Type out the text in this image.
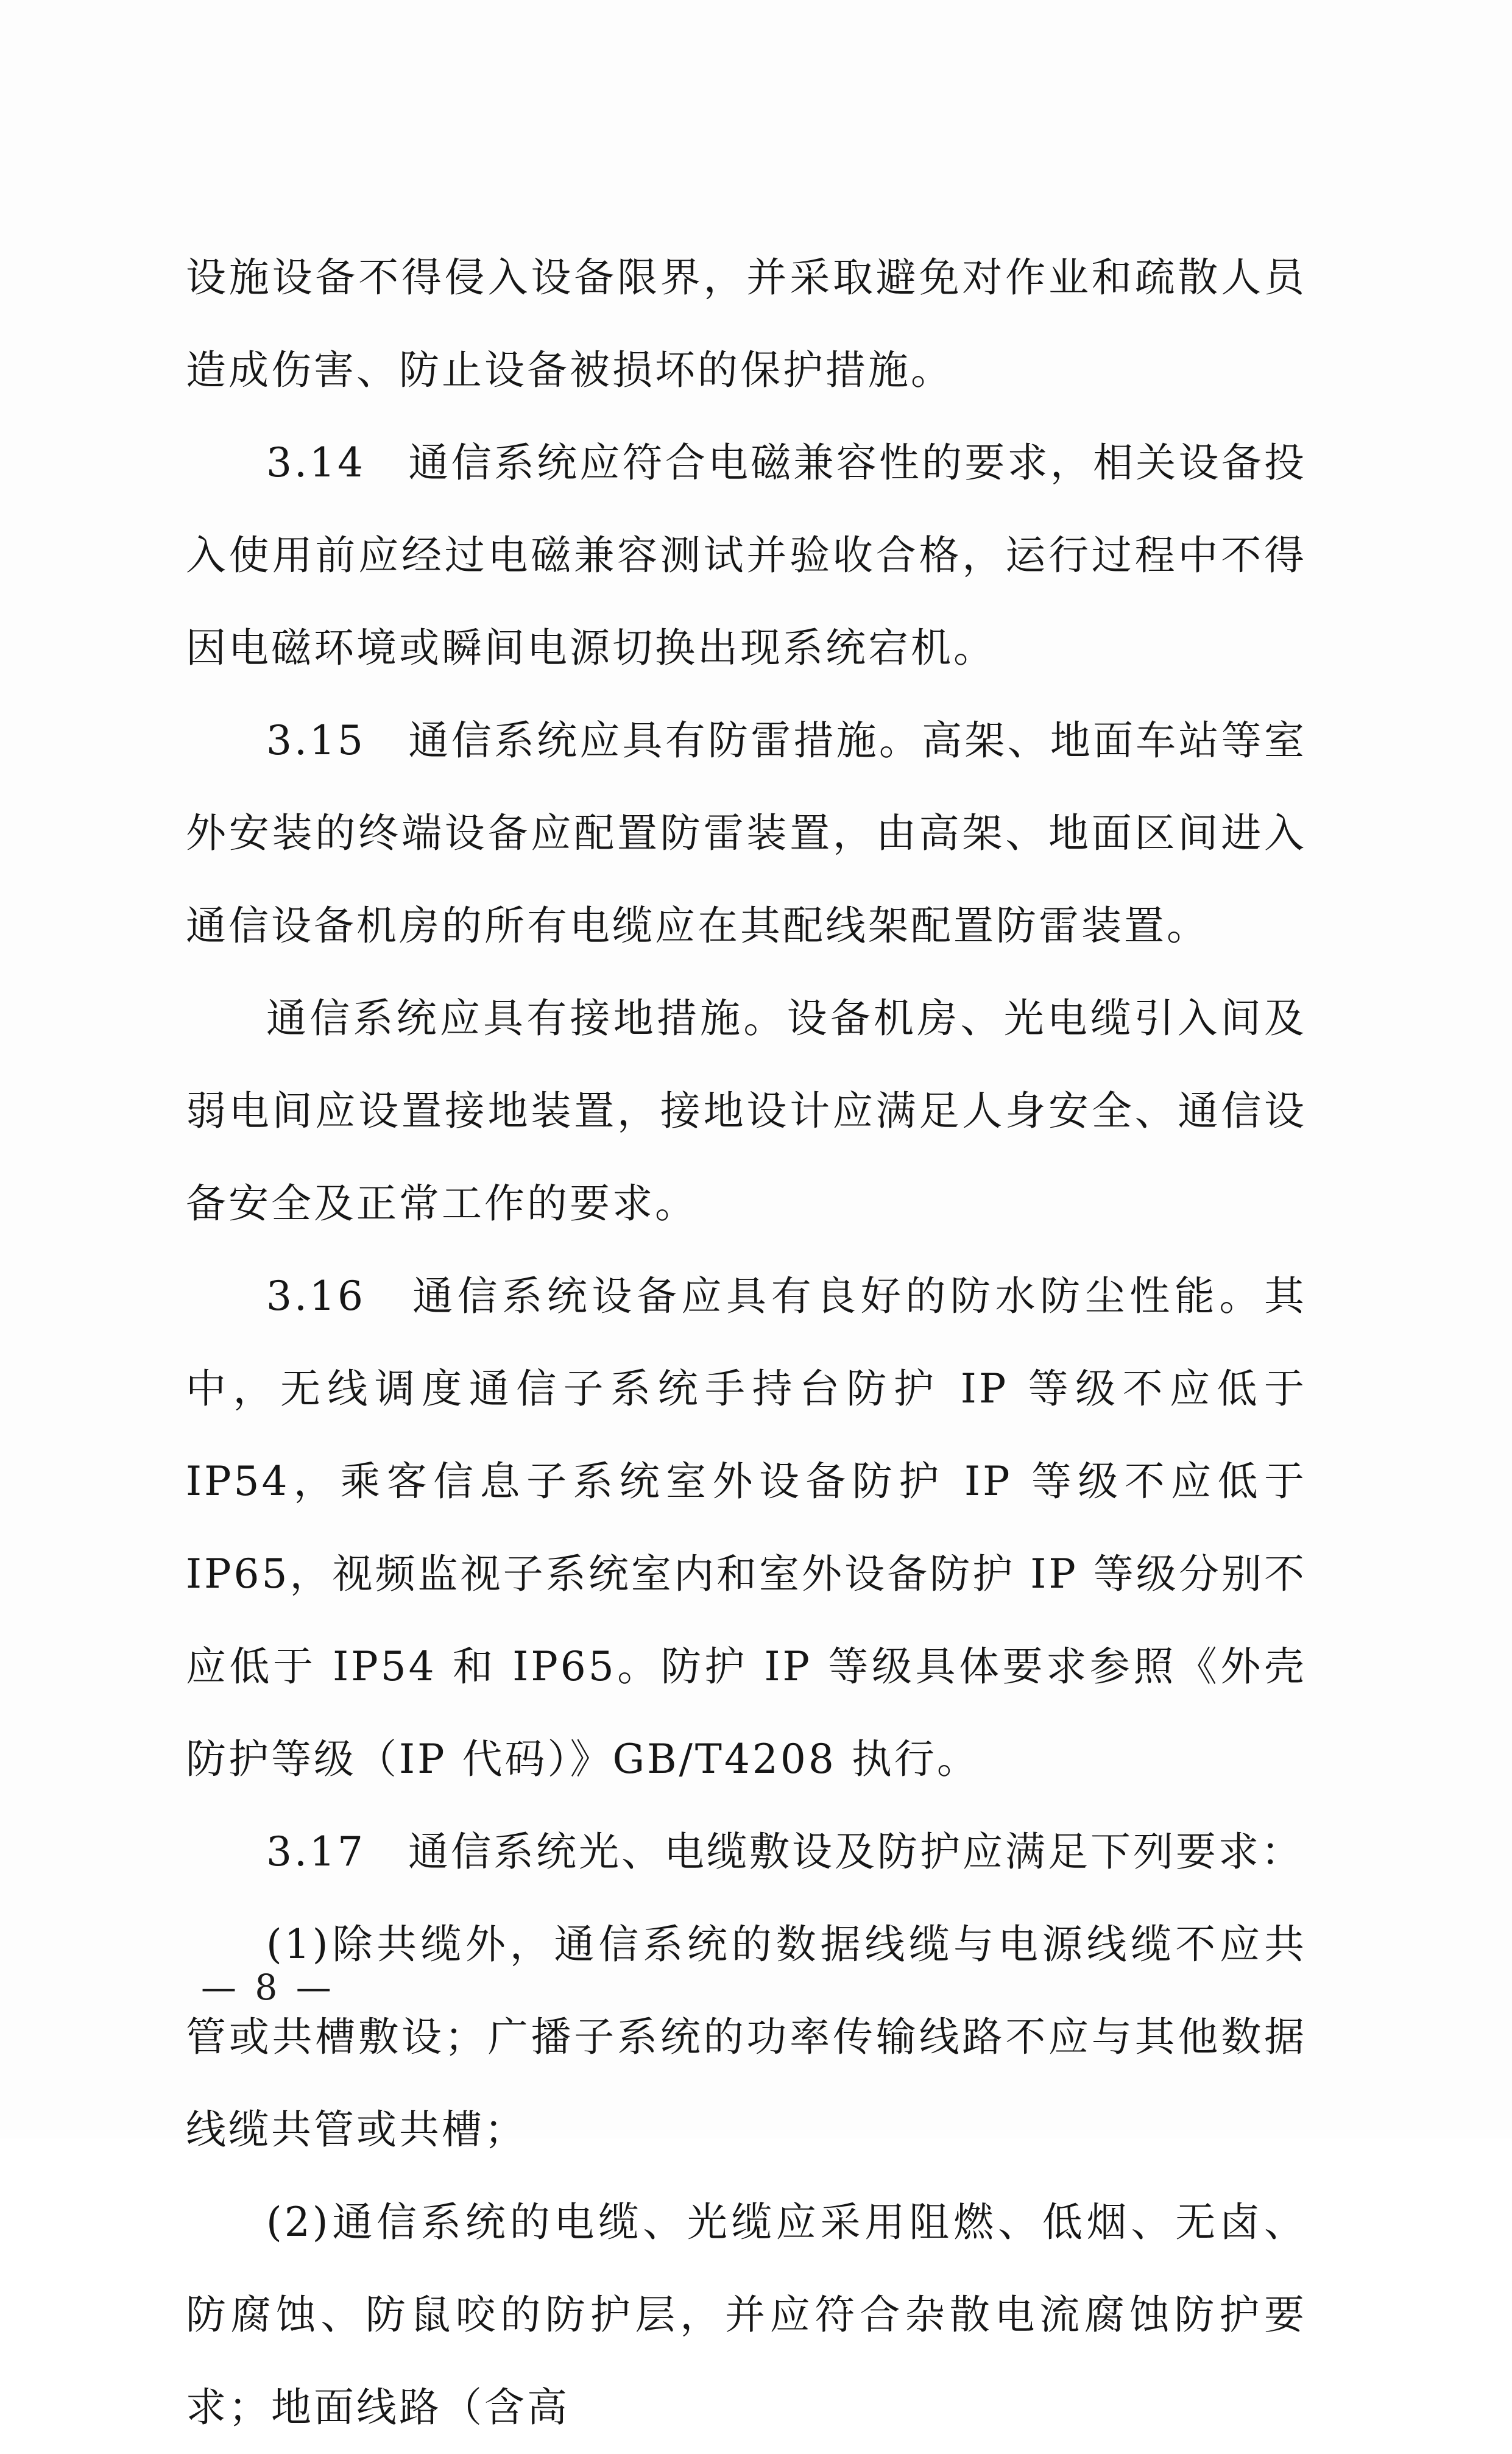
设施设备不得侵入设备限界，并采取避免对作业和疏散人员造成伤害、防止设备被损坏的保护措施。

3.14　通信系统应符合电磁兼容性的要求，相关设备投入使用前应经过电磁兼容测试并验收合格，运行过程中不得因电磁环境或瞬间电源切换出现系统宕机。

3.15　通信系统应具有防雷措施。高架、地面车站等室外安装的终端设备应配置防雷装置，由高架、地面区间进入通信设备机房的所有电缆应在其配线架配置防雷装置。

通信系统应具有接地措施。设备机房、光电缆引入间及弱电间应设置接地装置，接地设计应满足人身安全、通信设备安全及正常工作的要求。

3.16　通信系统设备应具有良好的防水防尘性能。其中，无线调度通信子系统手持台防护 IP 等级不应低于 IP54，乘客信息子系统室外设备防护 IP 等级不应低于 IP65，视频监视子系统室内和室外设备防护 IP 等级分别不应低于 IP54 和 IP65。防护 IP 等级具体要求参照《外壳防护等级（IP 代码）》GB/T4208 执行。

3.17　通信系统光、电缆敷设及防护应满足下列要求：

(1)除共缆外，通信系统的数据线缆与电源线缆不应共管或共槽敷设；广播子系统的功率传输线路不应与其他数据线缆共管或共槽；

(2)通信系统的电缆、光缆应采用阻燃、低烟、无卤、防腐蚀、防鼠咬的防护层，并应符合杂散电流腐蚀防护要求；地面线路（含高

— 8 —
